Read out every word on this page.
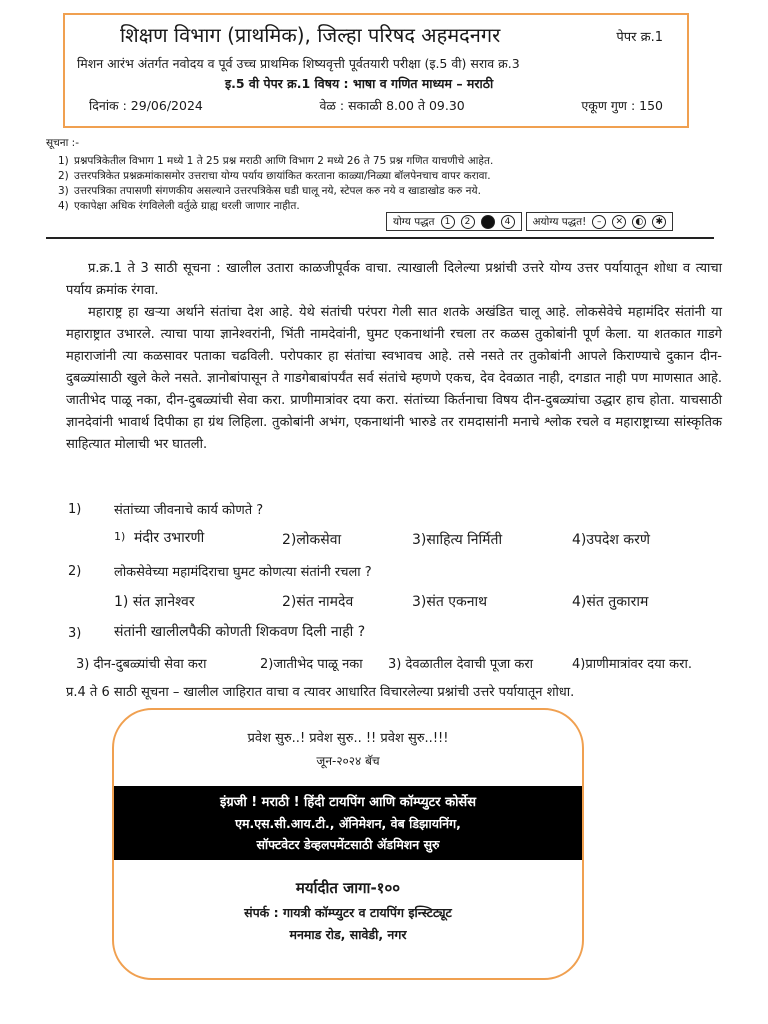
शिक्षण विभाग (प्राथमिक), जिल्हा परिषद अहमदनगर	पेपर क्र.1
मिशन आरंभ अंतर्गत नवोदय व पूर्व उच्च प्राथमिक शिष्यवृत्ती पूर्वतयारी परीक्षा (इ.5 वी) सराव क्र.3
इ.5 वी पेपर क्र.1 विषय : भाषा व गणित माध्यम – मराठी
दिनांक : 29/06/2024	वेळ : सकाळी 8.00 ते 09.30	एकूण गुण : 150
सूचना :-
1) प्रश्नपत्रिकेतील विभाग 1 मध्ये 1 ते 25 प्रश्न मराठी आणि विभाग 2 मध्ये 26 ते 75 प्रश्न गणित याचणीचे आहेत.
2) उत्तरपत्रिकेत प्रश्नक्रमांकासमोर उत्तराचा योग्य पर्याय छायांकित करताना काळ्या/निळ्या बॉलपेनचाच वापर करावा.
3) उत्तरपत्रिका तपासणी संगणकीय असल्याने उत्तरपत्रिकेस घडी घालू नये, स्टेपल करु नये व खाडाखोड करु नये.
4) एकापेक्षा अधिक रंगविलेली वर्तुळे ग्राह्य धरली जाणार नाहीत.
योग्य पद्धत	1	2	4	अयोग्य पद्धत!	–	✕	◐	✱

प्र.क्र.1 ते 3 साठी सूचना : खालील उतारा काळजीपूर्वक वाचा. त्याखाली दिलेल्या प्रश्नांची उत्तरे योग्य उत्तर पर्यायातून शोधा व त्याचा पर्याय क्रमांक रंगवा.

महाराष्ट्र हा खऱ्या अर्थाने संतांचा देश आहे. येथे संतांची परंपरा गेली सात शतके अखंडित चालू आहे. लोकसेवेचे महामंदिर संतांनी या महाराष्ट्रात उभारले. त्याचा पाया ज्ञानेश्वरांनी, भिंती नामदेवांनी, घुमट एकनाथांनी रचला तर कळस तुकोबांनी पूर्ण केला. या शतकात गाडगे महाराजांनी त्या कळसावर पताका चढविली. परोपकार हा संतांचा स्वभावच आहे. तसे नसते तर तुकोबांनी आपले किराण्याचे दुकान दीन-दुबळ्यांसाठी खुले केले नसते. ज्ञानोबांपासून ते गाडगेबाबांपर्यंत सर्व संतांचे म्हणणे एकच, देव देवळात नाही, दगडात नाही पण माणसात आहे. जातीभेद पाळू नका, दीन-दुबळ्यांची सेवा करा. प्राणीमात्रांवर दया करा. संतांच्या किर्तनाचा विषय दीन-दुबळ्यांचा उद्धार हाच होता. याचसाठी ज्ञानदेवांनी भावार्थ दिपीका हा ग्रंथ लिहिला. तुकोबांनी अभंग, एकनाथांनी भारुडे तर रामदासांनी मनाचे श्लोक रचले व महाराष्ट्राच्या सांस्कृतिक साहित्यात मोलाची भर घातली.

1)	संतांच्या जीवनाचे कार्य कोणते ?
1) मंदीर उभारणी	2)लोकसेवा	3)साहित्य निर्मिती	4)उपदेश करणे
2)	लोकसेवेच्या महामंदिराचा घुमट कोणत्या संतांनी रचला ?
1) संत ज्ञानेश्वर	2)संत नामदेव	3)संत एकनाथ	4)संत तुकाराम
3) संतांनी खालीलपैकी कोणती शिकवण दिली नाही ?
3) दीन-दुबळ्यांची सेवा करा	2)जातीभेद पाळू नका 3) देवळातील देवाची पूजा करा	4)प्राणीमात्रांवर दया करा.
प्र.4 ते 6 साठी सूचना – खालील जाहिरात वाचा व त्यावर आधारित विचारलेल्या प्रश्नांची उत्तरे पर्यायातून शोधा.
प्रवेश सुरु..! प्रवेश सुरु.. !! प्रवेश सुरु..!!!
जून-२०२४ बॅच
इंग्रजी ! मराठी ! हिंदी टायपिंग आणि कॉम्प्युटर कोर्सेस
एम.एस.सी.आय.टी., ॲनिमेशन, वेब डिझायनिंग,
सॉफ्टवेटर डेव्हलपमेंटसाठी ॲडमिशन सुरु
मर्यादीत जागा-१००
संपर्क : गायत्री कॉम्प्युटर व टायपिंग इन्स्टिट्यूट
मनमाड रोड, सावेडी, नगर
